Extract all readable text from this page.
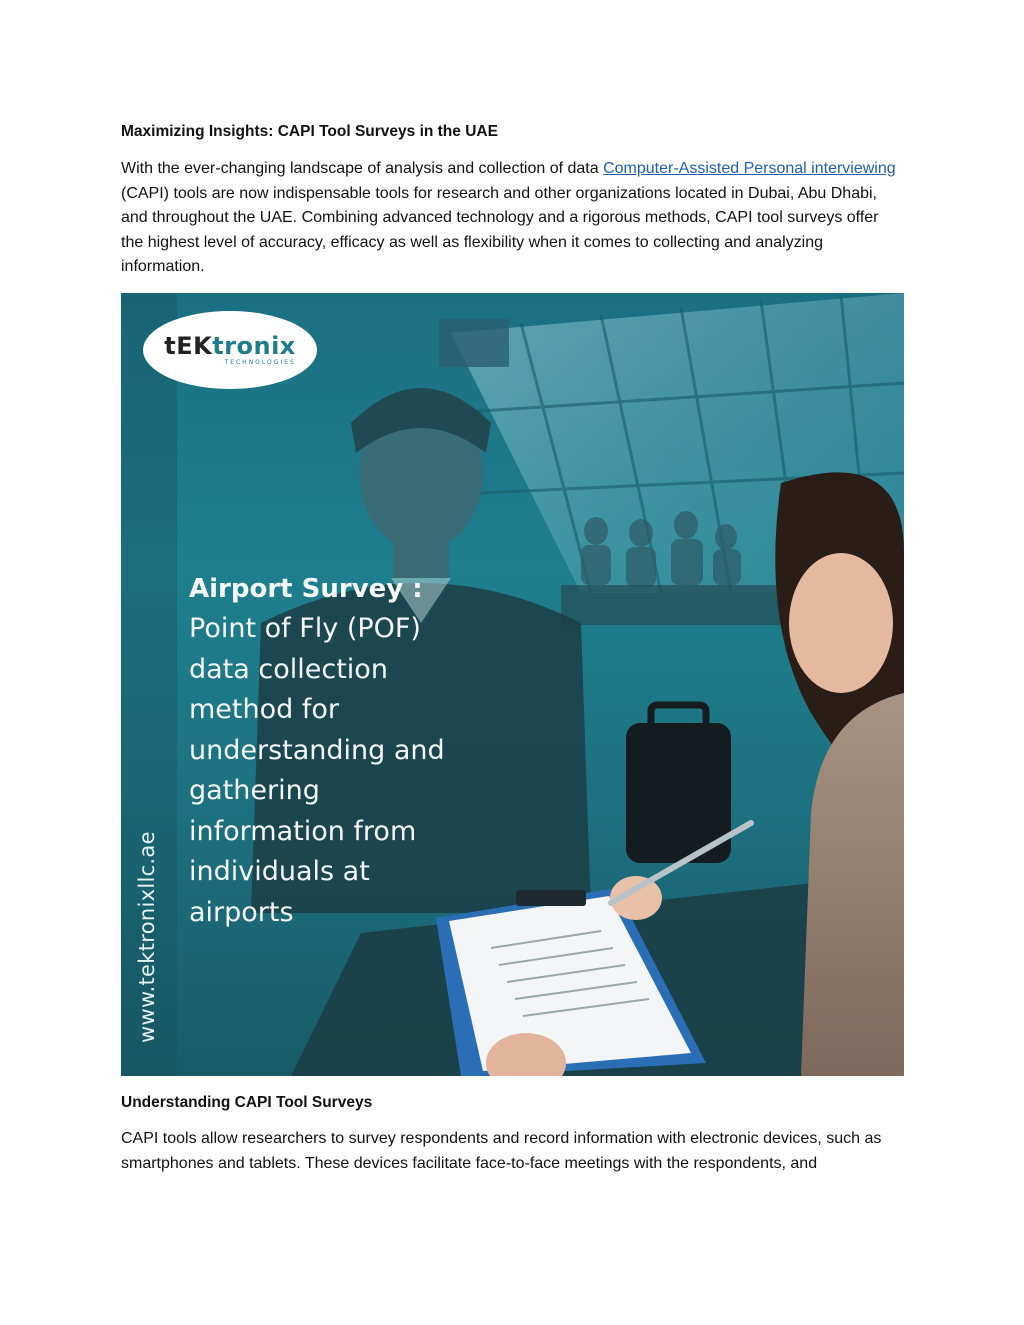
Maximizing Insights: CAPI Tool Surveys in the UAE

With the ever-changing landscape of analysis and collection of data Computer-Assisted Personal interviewing (CAPI) tools are now indispensable tools for research and other organizations located in Dubai, Abu Dhabi, and throughout the UAE. Combining advanced technology and a rigorous methods, CAPI tool surveys offer the highest level of accuracy, efficacy as well as flexibility when it comes to collecting and analyzing information.

tEKtronix
TECHNOLOGIES
www.tektronixllc.ae
Airport Survey :
Point of Fly (POF)
data collection
method for
understanding and
gathering
information from
individuals at
airports
Understanding CAPI Tool Surveys

CAPI tools allow researchers to survey respondents and record information with electronic devices, such as smartphones and tablets. These devices facilitate face-to-face meetings with the respondents, and
